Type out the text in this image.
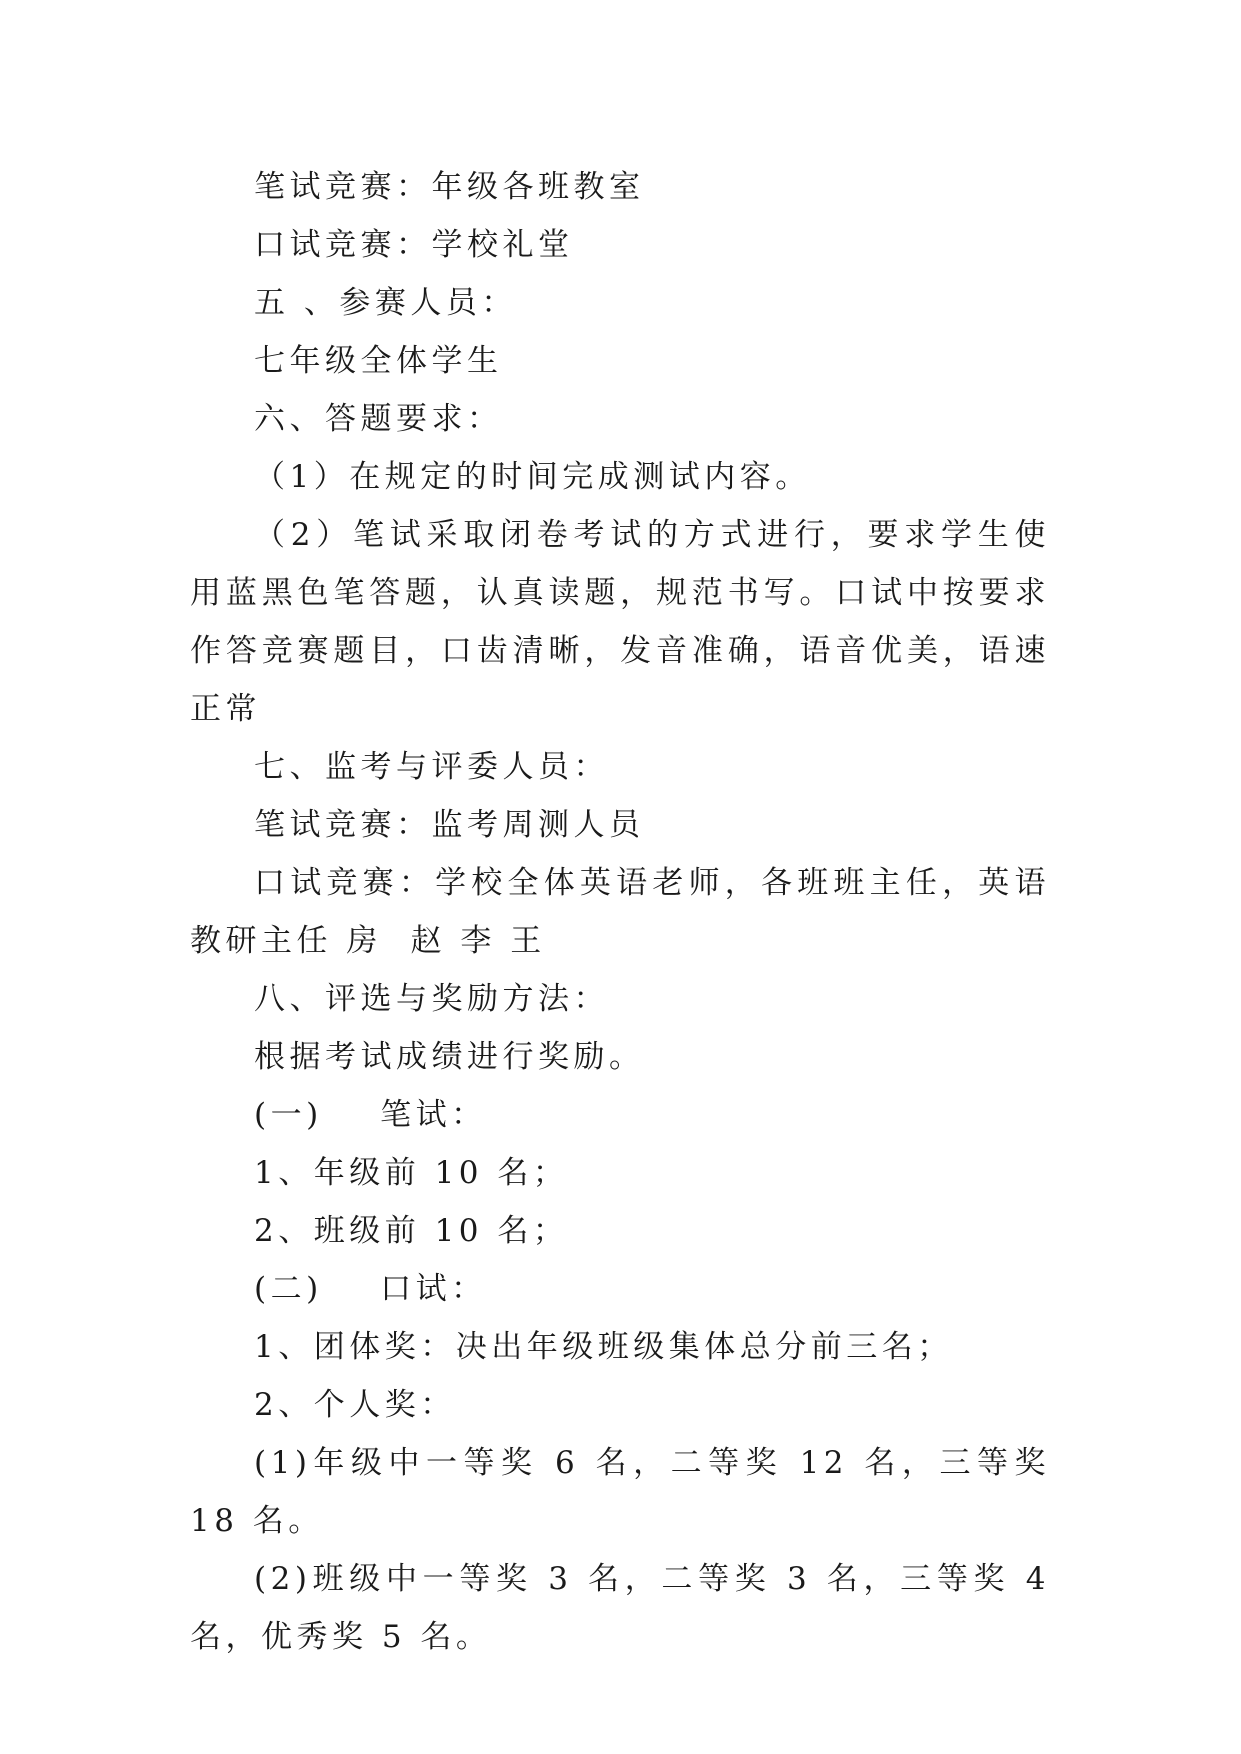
笔试竞赛：年级各班教室

口试竞赛：学校礼堂

五 、参赛人员：

七年级全体学生

六、答题要求：

（1）在规定的时间完成测试内容。

（2）笔试采取闭卷考试的方式进行，要求学生使用蓝黑色笔答题，认真读题，规范书写。口试中按要求作答竞赛题目，口齿清晰，发音准确，语音优美，语速正常

七、监考与评委人员：

笔试竞赛：监考周测人员

口试竞赛：学校全体英语老师，各班班主任，英语教研主任 房  赵 李 王

八、评选与奖励方法：

根据考试成绩进行奖励。

(一)    笔试：

1、年级前 10 名；

2、班级前 10 名；

(二)    口试：

1、团体奖：决出年级班级集体总分前三名；

2、个人奖：

(1)年级中一等奖 6 名，二等奖 12 名，三等奖 18 名。

(2)班级中一等奖 3 名，二等奖 3 名，三等奖 4 名，优秀奖 5 名。
